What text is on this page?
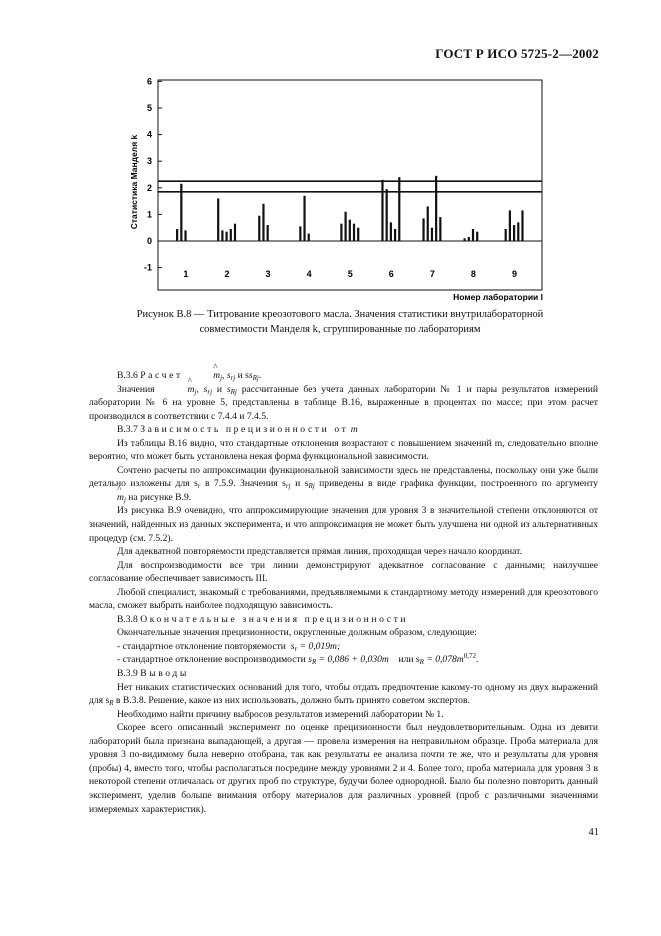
ГОСТ Р ИСО 5725-2—2002
6
5
4
3
2
1
0
-1
1	2	3	4	5	6	7	8	9
Статистика Манделя k
Номер лаборатории l
Рисунок В.8 — Титрование креозотового масла. Значения статистики внутрилабораторной
совместимости Манделя k, сгруппированные по лабораториям

В.3.6 Расчет	^ $m_j$, $s_{rj}$ и $ss_{Rj}$.

Значения	^ $m_j$, $s_{rj}$ и $s_{Rj}$ рассчитанные без учета данных лаборатории № 1 и пары результатов измерений лаборатории № 6 на уровне 5, представлены в таблице В.16, выраженные в процентах по массе; при этом расчет производился в соответствии с 7.4.4 и 7.4.5.

В.3.7 Зависимость прецизионности от m

Из таблицы В.16 видно, что стандартные отклонения возрастают с повышением значений m, следовательно вполне вероятно, что может быть установлена некая форма функциональной зависимости.

Сочтено расчеты по аппроксимации функциональной зависимости здесь не представлены, поскольку они уже были детально изложены для $s_r$ в 7.5.9. Значения $s_{rj}$ и $s_{Rj}$ приведены в виде графика функции, построенного по аргументу ^ $m_j$ на рисунке В.9.

Из рисунка В.9 очевидно, что аппроксимирующие значения для уровня 3 в значительной степени отклоняются от значений, найденных из данных эксперимента, и что аппроксимация не может быть улучшена ни одной из альтернативных процедур (см. 7.5.2).

Для адекватной повторяемости представляется прямая линия, проходящая через начало координат.

Для воспроизводимости все три линии демонстрируют адекватное согласование с данными; наилучшее согласование обеспечивает зависимость III.

Любой специалист, знакомый с требованиями, предъявляемыми к стандартному методу измерений для креозотового масла, сможет выбрать наиболее подходящую зависимость.

В.3.8 Окончательные значения прецизионности

Окончательные значения прецизионности, округленные должным образом, следующие:

- стандартное отклонение повторяемости $s_r = 0,019m$;

- стандартное отклонение воспроизводимости $s_R = 0,086 + 0,030m$ или $s_R = 0,078m^{0,72}$.

В.3.9 Выводы

Нет никаких статистических оснований для того, чтобы отдать предпочтение какому-то одному из двух выражений для $s_R$ в В.3.8. Решение, какое из них использовать, должно быть принято советом экспертов.

Необходимо найти причину выбросов результатов измерений лаборатории № 1.

Скорее всего описанный эксперимент по оценке прецизионности был неудовлетворительным. Одна из девяти лабораторий была признана выпадающей, а другая — провела измерения на неправильном образце. Проба материала для уровня 3 по-видимому была неверно отобрана, так как результаты ее анализа почти те же, что и результаты для уровня (пробы) 4, вместо того, чтобы располагаться посредине между уровнями 2 и 4. Более того, проба материала для уровня 3 в некоторой степени отличалась от других проб по структуре, будучи более однородной. Было бы полезно повторить данный эксперимент, уделив больше внимания отбору материалов для различных уровней (проб с различными значениями измеряемых характеристик).

41
